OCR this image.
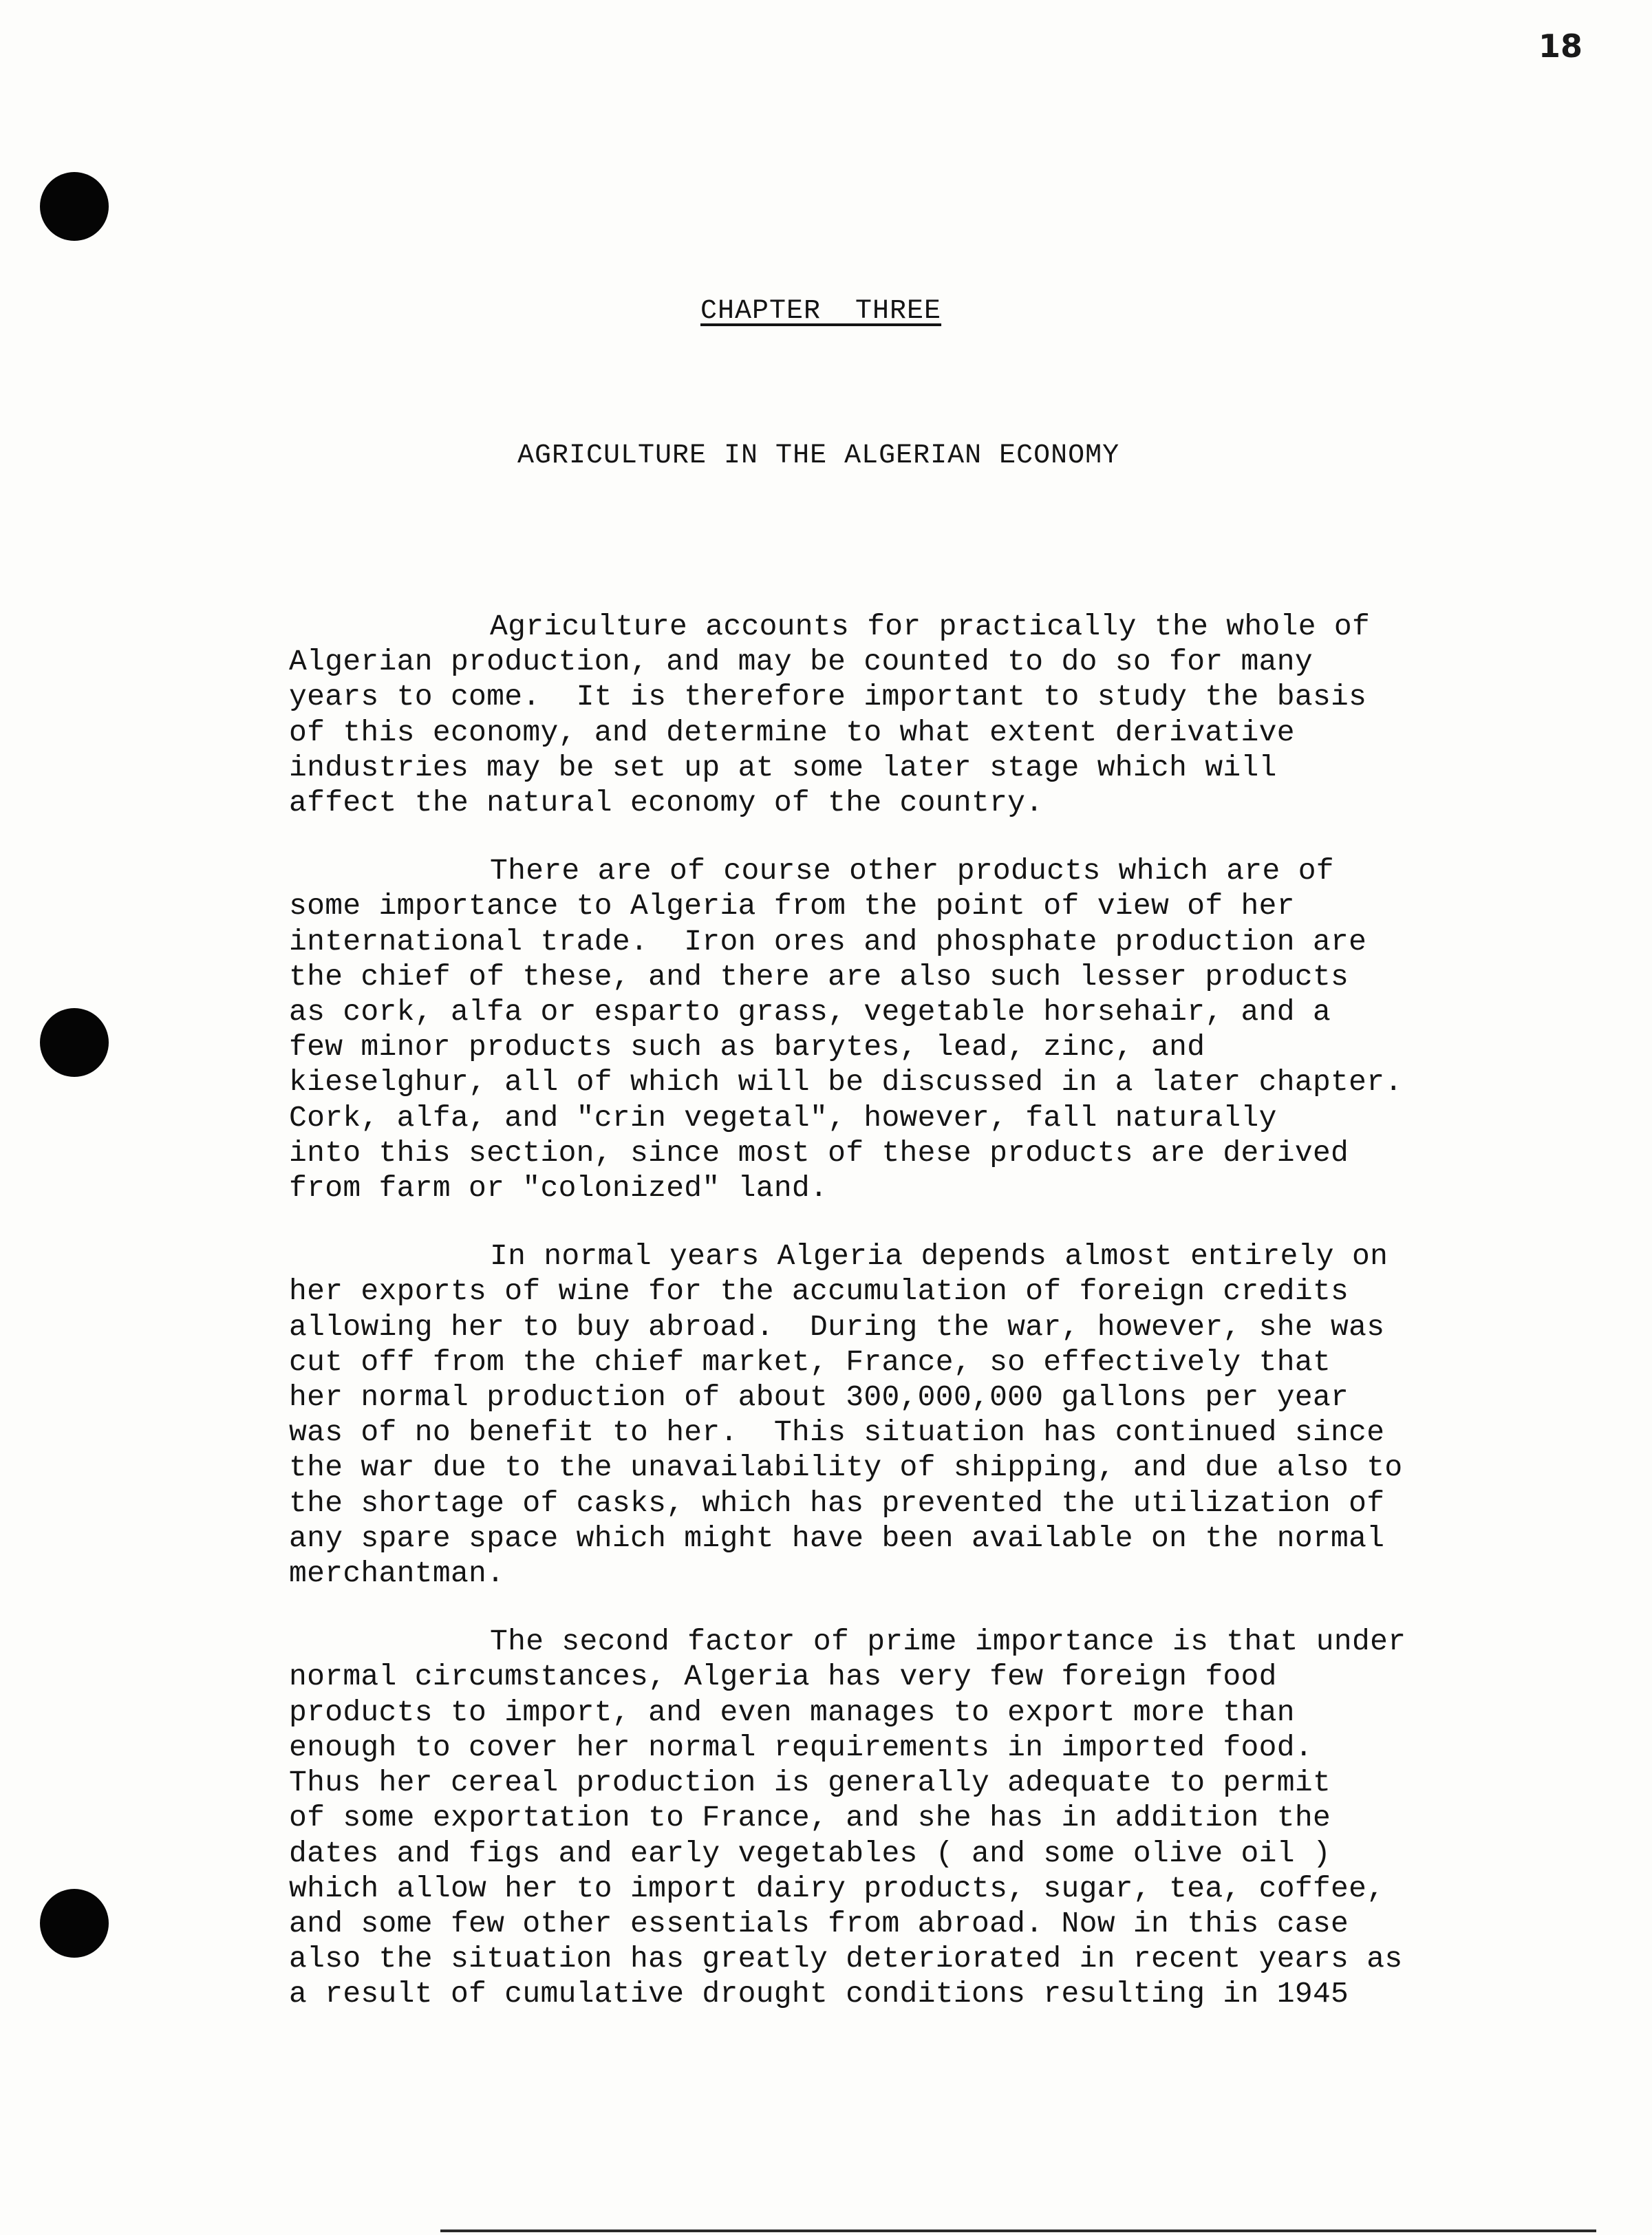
18
CHAPTER  THREE
AGRICULTURE IN THE ALGERIAN ECONOMY
Agriculture accounts for practically the whole of
Algerian production, and may be counted to do so for many
years to come.  It is therefore important to study the basis
of this economy, and determine to what extent derivative
industries may be set up at some later stage which will
affect the natural economy of the country.
There are of course other products which are of
some importance to Algeria from the point of view of her
international trade.  Iron ores and phosphate production are
the chief of these, and there are also such lesser products
as cork, alfa or esparto grass, vegetable horsehair, and a
few minor products such as barytes, lead, zinc, and
kieselghur, all of which will be discussed in a later chapter.
Cork, alfa, and "crin vegetal", however, fall naturally
into this section, since most of these products are derived
from farm or "colonized" land.
In normal years Algeria depends almost entirely on
her exports of wine for the accumulation of foreign credits
allowing her to buy abroad.  During the war, however, she was
cut off from the chief market, France, so effectively that
her normal production of about 300,000,000 gallons per year
was of no benefit to her.  This situation has continued since
the war due to the unavailability of shipping, and due also to
the shortage of casks, which has prevented the utilization of
any spare space which might have been available on the normal
merchantman.
The second factor of prime importance is that under
normal circumstances, Algeria has very few foreign food
products to import, and even manages to export more than
enough to cover her normal requirements in imported food.
Thus her cereal production is generally adequate to permit
of some exportation to France, and she has in addition the
dates and figs and early vegetables ( and some olive oil )
which allow her to import dairy products, sugar, tea, coffee,
and some few other essentials from abroad. Now in this case
also the situation has greatly deteriorated in recent years as
a result of cumulative drought conditions resulting in 1945
